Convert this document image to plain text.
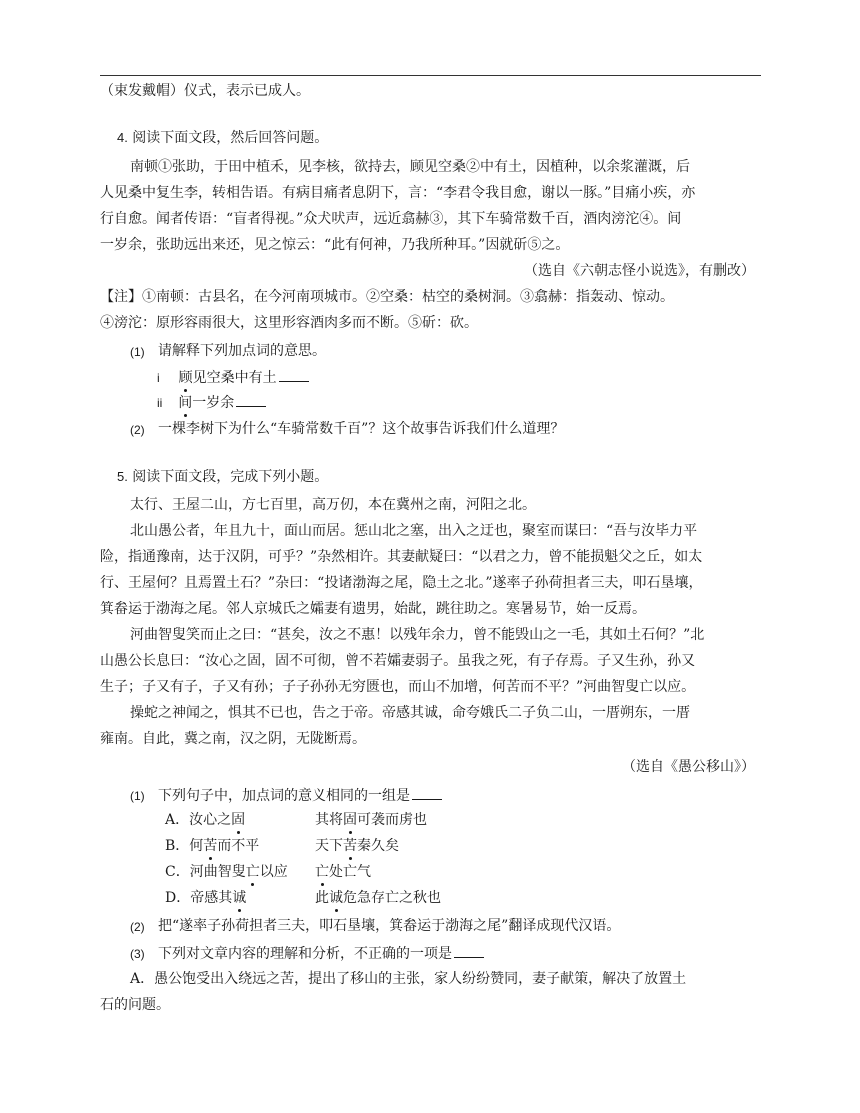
（束发戴帽）仪式，表示已成人。
4. 阅读下面文段，然后回答问题。
南顿①张助，于田中植禾，见李核，欲持去，顾见空桑②中有土，因植种，以余浆灌溉，后
人见桑中复生李，转相告语。有病目痛者息阴下，言：“李君令我目愈，谢以一豚。”目痛小疾，亦
行自愈。闻者传语：“盲者得视。”众犬吠声，远近翕赫③，其下车骑常数千百，酒肉滂沱④。间
一岁余，张助远出来还，见之惊云：“此有何神，乃我所种耳。”因就斫⑤之。
（选自《六朝志怪小说选》，有删改）
【注】①南顿：古县名，在今河南项城市。②空桑：枯空的桑树洞。③翕赫：指轰动、惊动。
④滂沱：原形容雨很大，这里形容酒肉多而不断。⑤斫：砍。
(1) 请解释下列加点词的意思。
i 顾见空桑中有土
ii 间一岁余
(2) 一棵李树下为什么“车骑常数千百”？这个故事告诉我们什么道理？
5. 阅读下面文段，完成下列小题。
太行、王屋二山，方七百里，高万仞，本在冀州之南，河阳之北。
北山愚公者，年且九十，面山而居。惩山北之塞，出入之迂也，聚室而谋曰：“吾与汝毕力平
险，指通豫南，达于汉阴，可乎？”杂然相许。其妻献疑曰：“以君之力，曾不能损魁父之丘，如太
行、王屋何？且焉置土石？”杂曰：“投诸渤海之尾，隐土之北。”遂率子孙荷担者三夫，叩石垦壤，
箕畚运于渤海之尾。邻人京城氏之孀妻有遗男，始龀，跳往助之。寒暑易节，始一反焉。
河曲智叟笑而止之曰：“甚矣，汝之不惠！以残年余力，曾不能毁山之一毛，其如土石何？”北
山愚公长息曰：“汝心之固，固不可彻，曾不若孀妻弱子。虽我之死，有子存焉。子又生孙，孙又
生子；子又有子，子又有孙；子子孙孙无穷匮也，而山不加增，何苦而不平？”河曲智叟亡以应。
操蛇之神闻之，惧其不已也，告之于帝。帝感其诚，命夸娥氏二子负二山，一厝朔东，一厝
雍南。自此，冀之南，汉之阴，无陇断焉。
（选自《愚公移山》）
(1) 下列句子中，加点词的意义相同的一组是
A．汝心之固	其将固可袭而虏也
B．何苦而不平	天下苦秦久矣
C．河曲智叟亡以应 亡处亡气
D．帝感其诚	此诚危急存亡之秋也
(2) 把“遂率子孙荷担者三夫，叩石垦壤，箕畚运于渤海之尾”翻译成现代汉语。
(3) 下列对文章内容的理解和分析，不正确的一项是
A．愚公饱受出入绕远之苦，提出了移山的主张，家人纷纷赞同，妻子献策，解决了放置土
石的问题。
